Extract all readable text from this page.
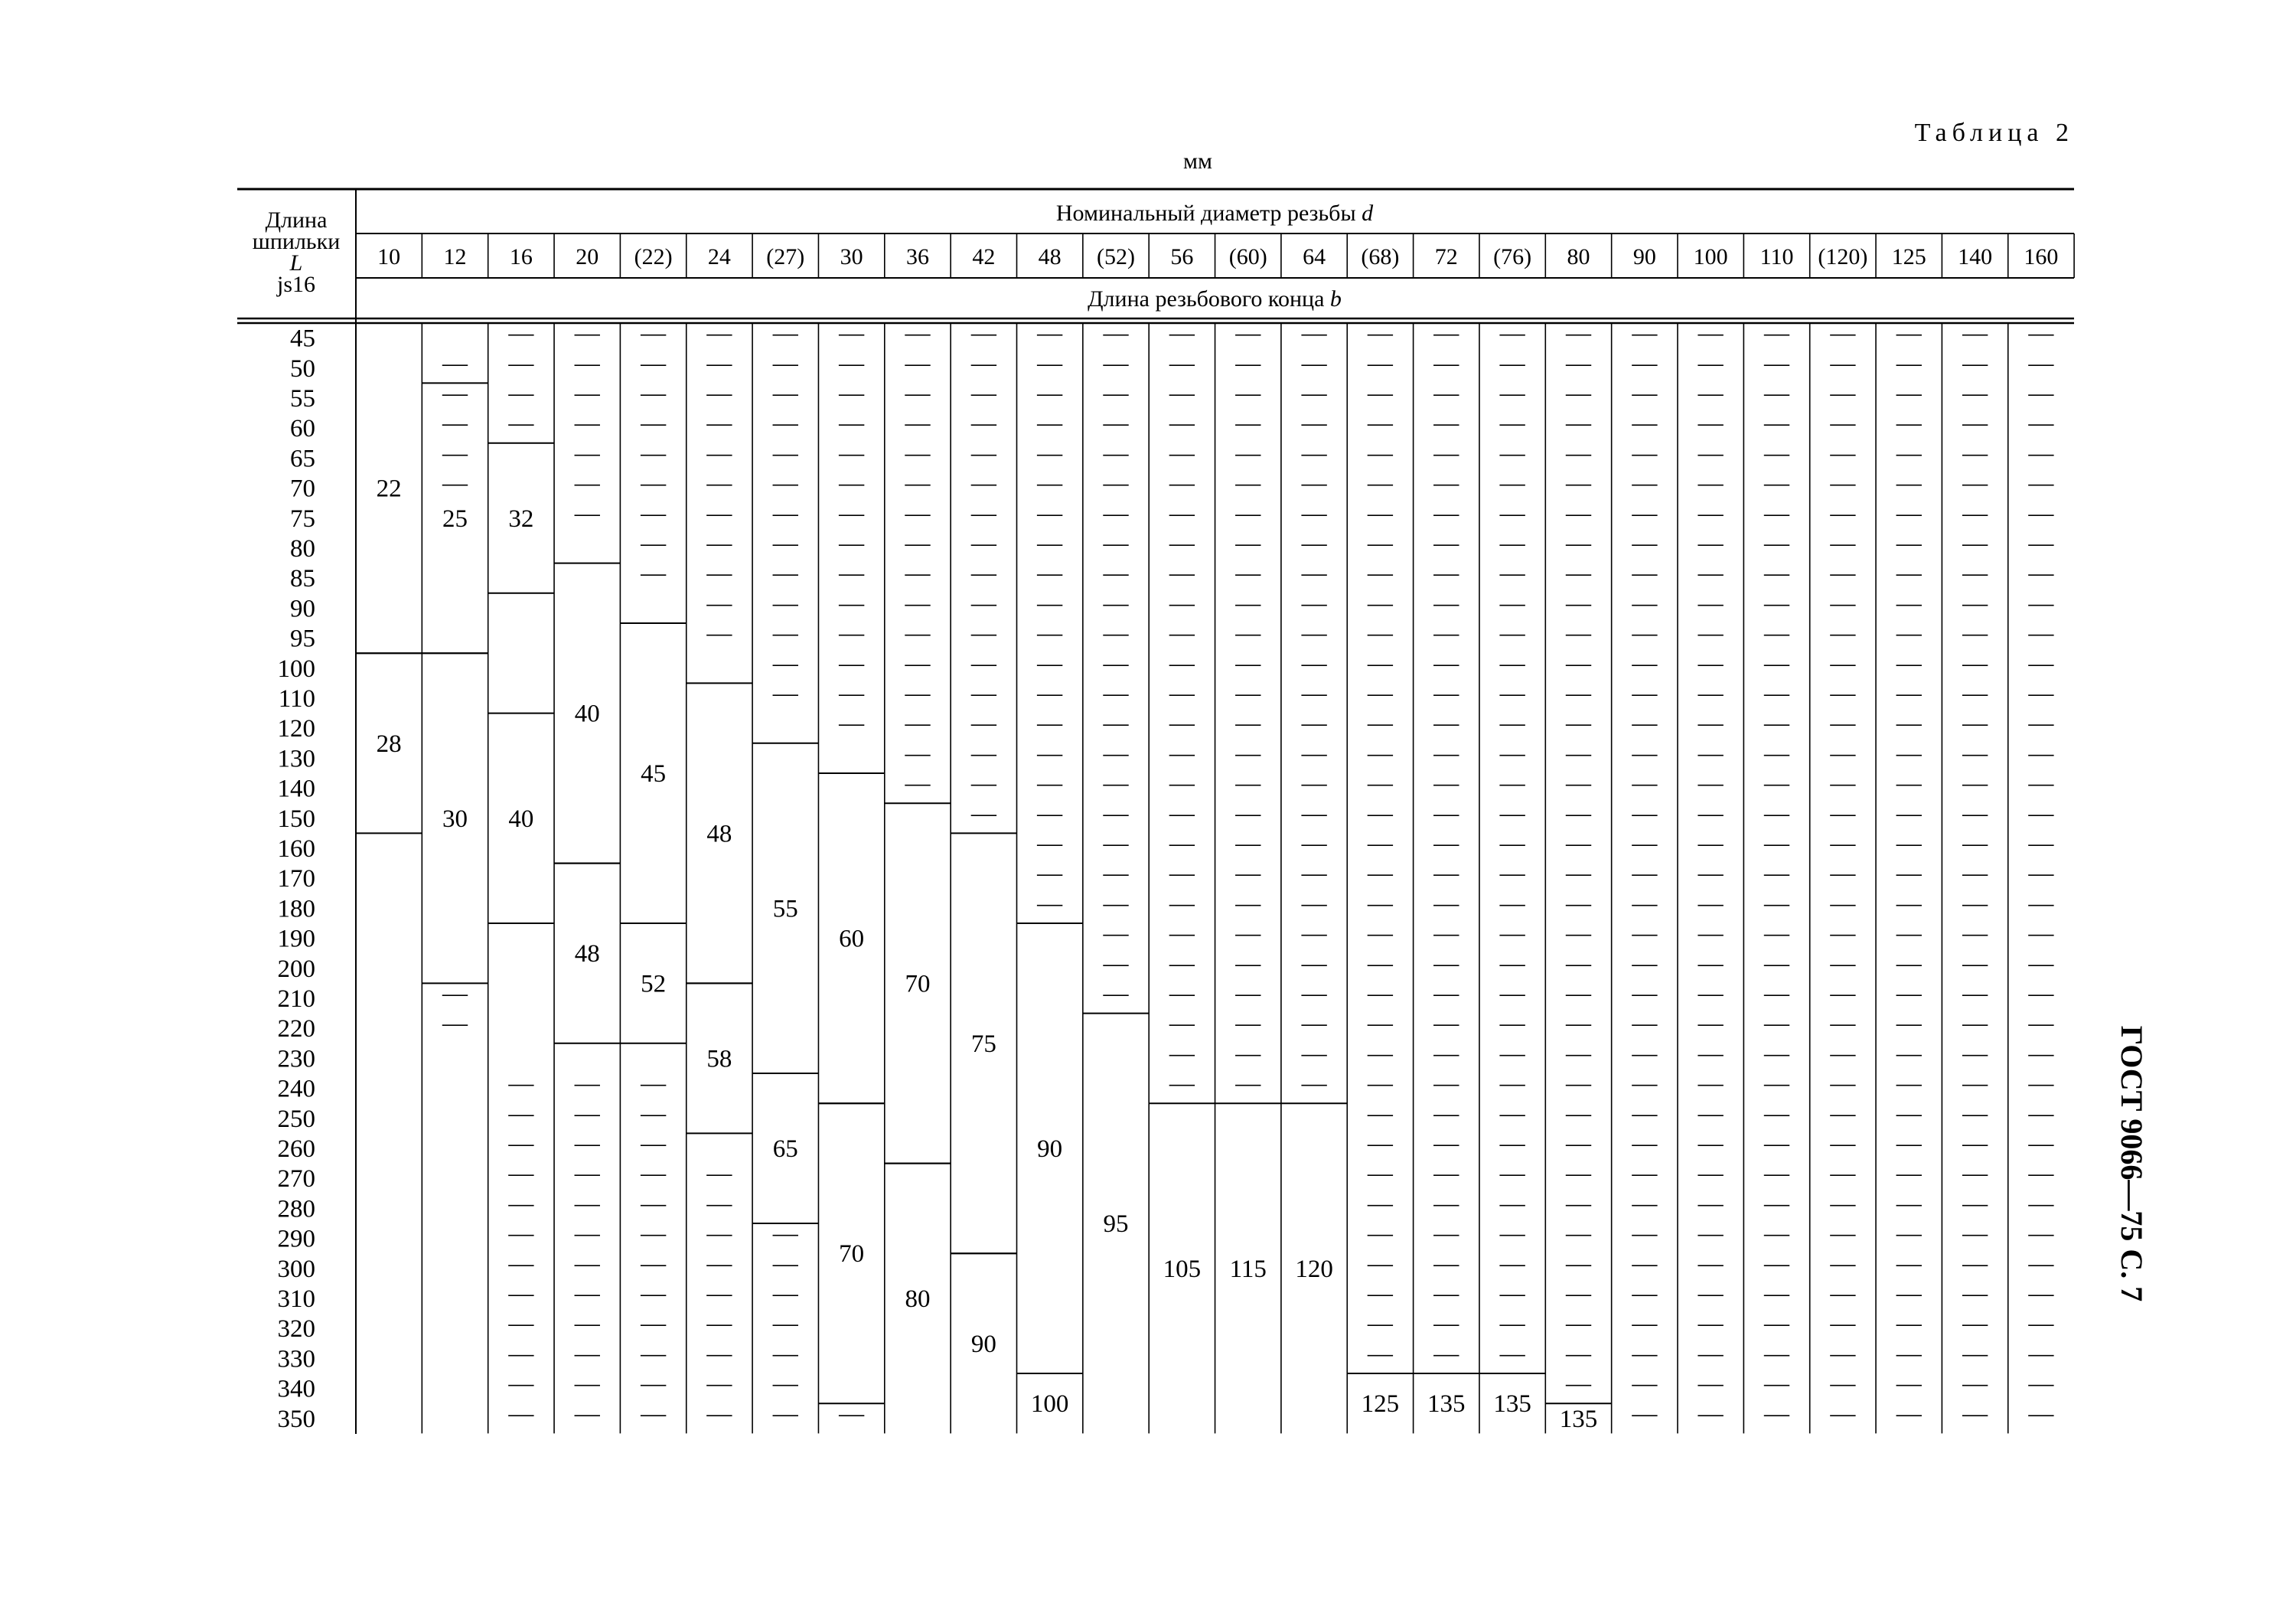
Таблица 2
мм
Длина
шпильки
L
js16
Номинальный диаметр резьбы d
Длина резьбового конца b
10 12 16 20 (22) 24 (27) 30 36 42 48 (52) 56 (60) 64 (68) 72 (76) 80 90 100 110 (120) 125 140 160
45
50
55
60
65
70
75
80
85
90
95
100
110
120
130
140
150
160
170
180
190
200
210
220
230
240
250
260
270
280
290
300
310
320
330
340
350
22
28
—
—
—
—
—
25
30
—
—
—
—
—
—
32
40
—
—
—
—
—
—
—
—
—
—
—
—
—
—
—
—
—
—
—
40
48
—
—
—
—
—
—
—
—
—
—
—
—
—
—
—
—
—
—
—
—
—
45
52
—
—
—
—
—
—
—
—
—
—
—
—
—
—
—
—
—
—
—
—
—
—
—
48
58
—
—
—
—
—
—
—
—
—
—
—
—
—
—
—
—
—
—
—
—
—
—
55
65
—
—
—
—
—
—
—
—
—
—
—
—
—
—
—
—
—
—
—
—
—
60
70
—
—
—
—
—
—
—
—
—
—
—
—
—
—
—
—
—
70
80
—
—
—
—
—
—
—
—
—
—
—
—
—
—
—
—
—
75
90
—
—
—
—
—
—
—
—
—
—
—
—
—
—
—
—
—
—
—
—
90
100
—
—
—
—
—
—
—
—
—
—
—
—
—
—
—
—
—
—
—
—
—
—
—
95
—
—
—
—
—
—
—
—
—
—
—
—
—
—
—
—
—
—
—
—
—
—
—
—
—
—
105
—
—
—
—
—
—
—
—
—
—
—
—
—
—
—
—
—
—
—
—
—
—
—
—
—
—
115
—
—
—
—
—
—
—
—
—
—
—
—
—
—
—
—
—
—
—
—
—
—
—
—
—
—
120
—
—
—
—
—
—
—
—
—
—
—
—
—
—
—
—
—
—
—
—
—
—
—
—
—
—
—
—
—
—
—
—
—
—
—
125
—
—
—
—
—
—
—
—
—
—
—
—
—
—
—
—
—
—
—
—
—
—
—
—
—
—
—
—
—
—
—
—
—
—
—
135
—
—
—
—
—
—
—
—
—
—
—
—
—
—
—
—
—
—
—
—
—
—
—
—
—
—
—
—
—
—
—
—
—
—
—
135
—
—
—
—
—
—
—
—
—
—
—
—
—
—
—
—
—
—
—
—
—
—
—
—
—
—
—
—
—
—
—
—
—
—
—
—
135
—
—
—
—
—
—
—
—
—
—
—
—
—
—
—
—
—
—
—
—
—
—
—
—
—
—
—
—
—
—
—
—
—
—
—
—
—
—
—
—
—
—
—
—
—
—
—
—
—
—
—
—
—
—
—
—
—
—
—
—
—
—
—
—
—
—
—
—
—
—
—
—
—
—
—
—
—
—
—
—
—
—
—
—
—
—
—
—
—
—
—
—
—
—
—
—
—
—
—
—
—
—
—
—
—
—
—
—
—
—
—
—
—
—
—
—
—
—
—
—
—
—
—
—
—
—
—
—
—
—
—
—
—
—
—
—
—
—
—
—
—
—
—
—
—
—
—
—
—
—
—
—
—
—
—
—
—
—
—
—
—
—
—
—
—
—
—
—
—
—
—
—
—
—
—
—
—
—
—
—
—
—
—
—
—
—
—
—
—
—
—
—
—
—
—
—
—
—
—
—
—
—
—
—
—
—
—
—
—
—
—
—
—
—
—
—
—
—
—
—
—
—
—
—
—
—
—
—
—
—
—
—
—
—
—
—
—
—
—
—
—
—
—
—
—
—
—
—
—
—
—
—
—
—
—
—
—
—
—
ГОСТ 9066—75 С. 7
